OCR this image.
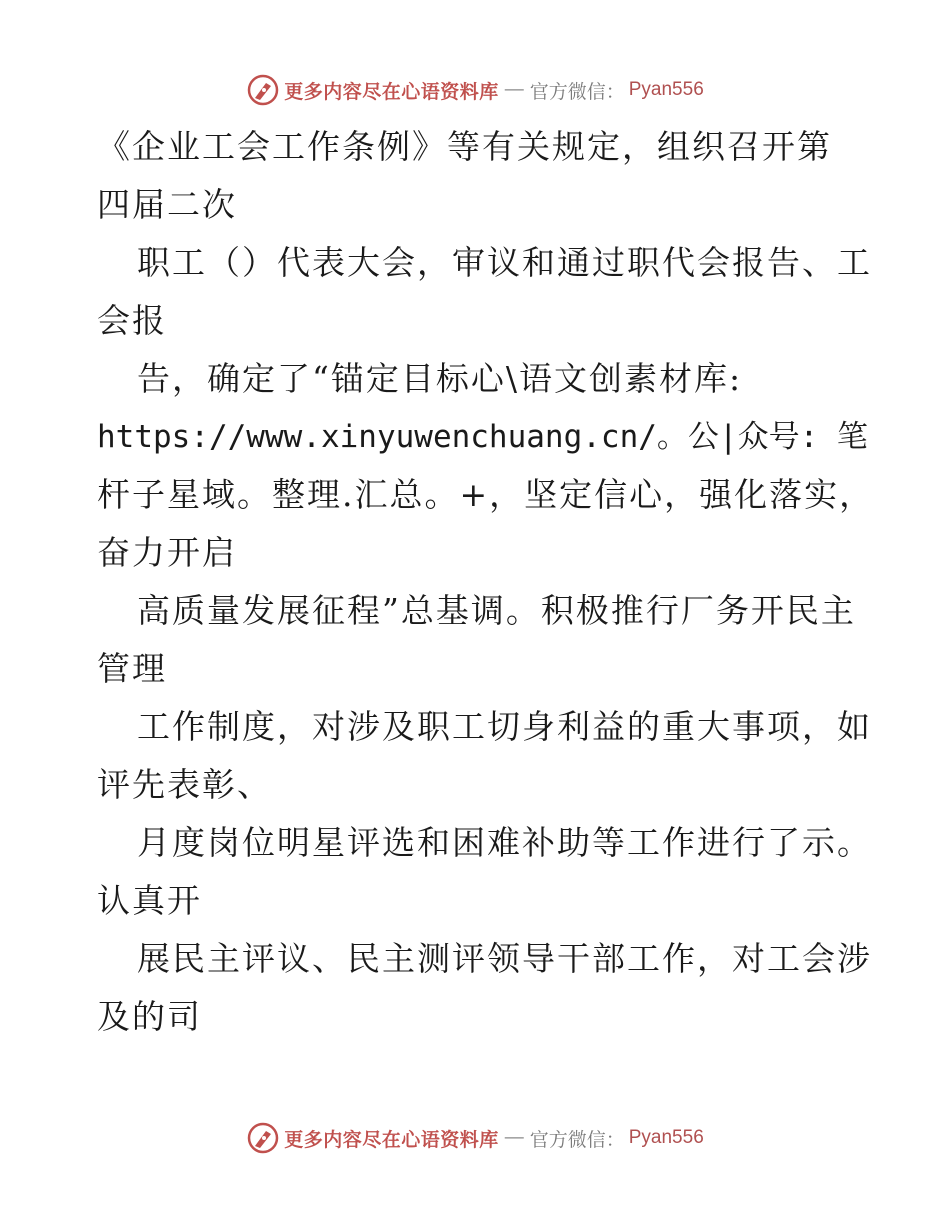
更多内容尽在心语资料库 — 官方微信： Pyan556
《企业工会工作条例》等有关规定，组织召开第
四届二次
职工（）代表大会，审议和通过职代会报告、工
会报
告，确定了“锚定目标心\语文创素材库:
https://www.xinyuwenchuang.cn/。公|众号: 笔
杆子星域。整理.汇总。+，坚定信心，强化落实，
奋力开启
高质量发展征程”总基调。积极推行厂务开民主
管理
工作制度，对涉及职工切身利益的重大事项，如
评先表彰、
月度岗位明星评选和困难补助等工作进行了示。
认真开
展民主评议、民主测评领导干部工作，对工会涉
及的司
更多内容尽在心语资料库 — 官方微信： Pyan556
